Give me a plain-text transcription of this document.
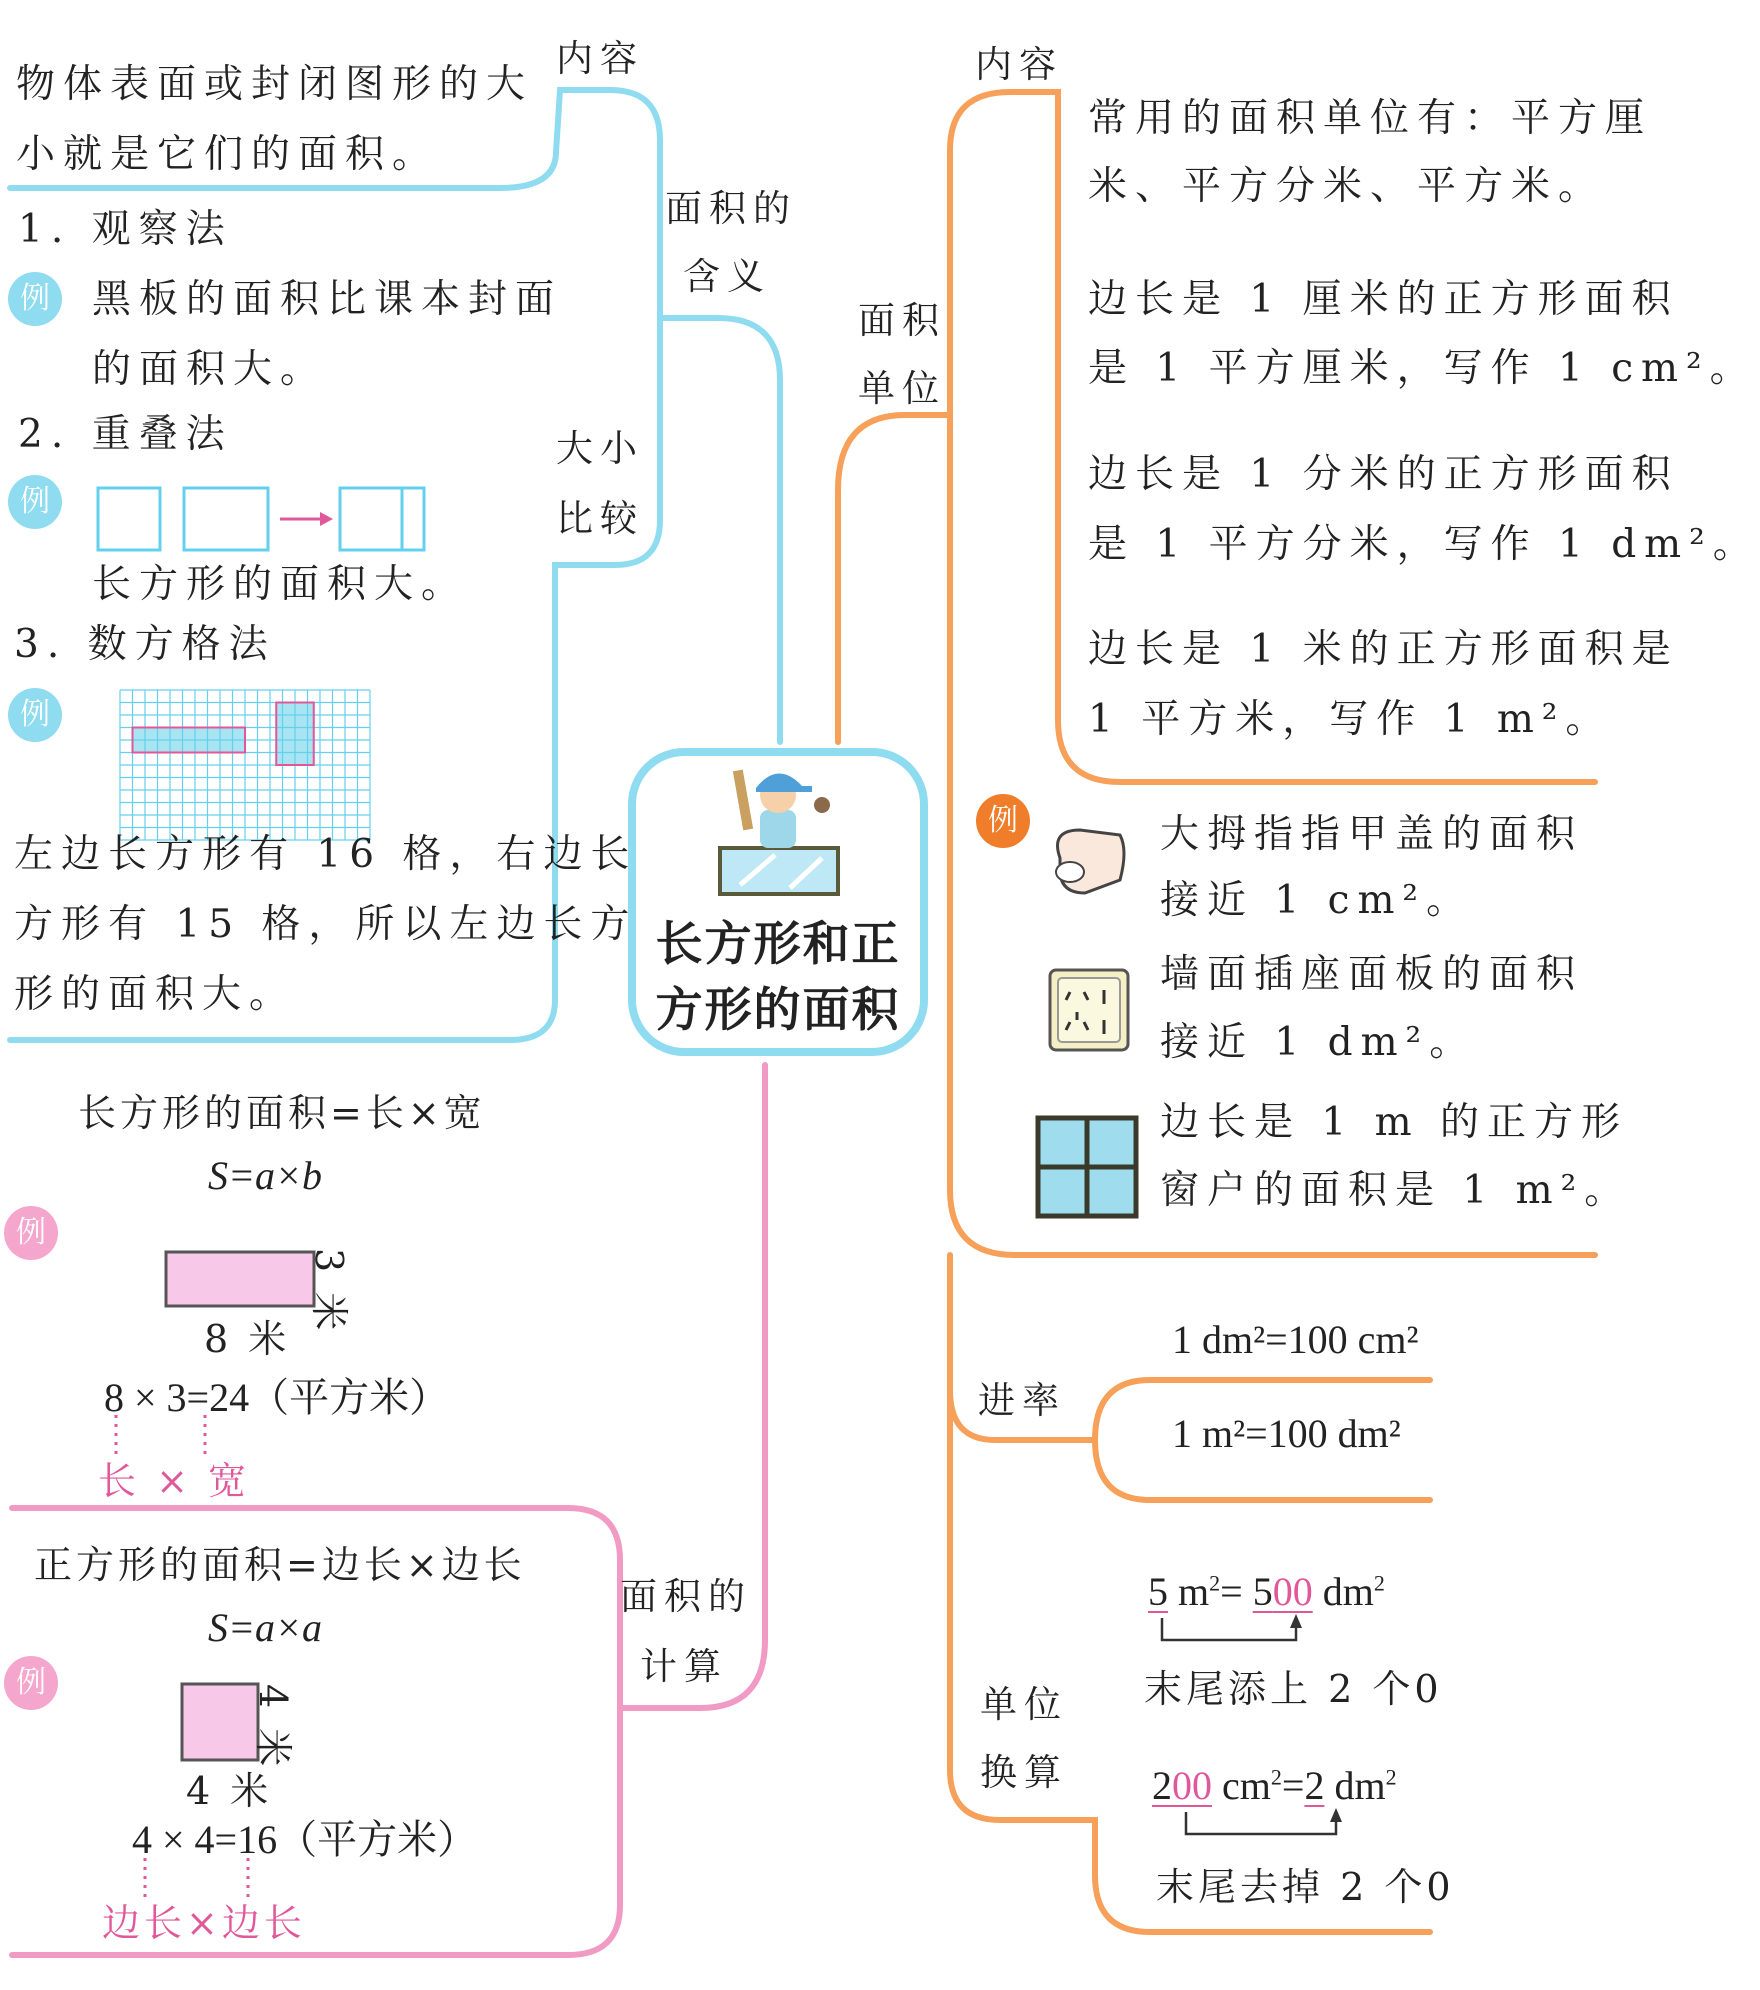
长方形和正
方形的面积
内容
面积的
含义
物体表面或封闭图形的大
小就是它们的面积。
大小
比较
1. 观察法
例	黑板的面积比课本封面
的面积大。
2. 重叠法
例
长方形的面积大。
3. 数方格法
例
左边长方形有 16 格，右边长
方形有 15 格，所以左边长方
形的面积大。
内容
面积
单位
常用的面积单位有：平方厘
米、平方分米、平方米。
边长是 1 厘米的正方形面积
是 1 平方厘米，写作 1 cm²。
边长是 1 分米的正方形面积
是 1 平方分米，写作 1 dm²。
边长是 1 米的正方形面积是
1 平方米，写作 1 m²。
例	大拇指指甲盖的面积
接近 1 cm²。
墙面插座面板的面积
接近 1 dm²。
边长是 1 m 的正方形
窗户的面积是 1 m²。
进率
1 dm²=100 cm²
1 m²=100 dm²
单位
换算
5 $m^2= 500$ $dm^2$
末尾添上 2 个0
200 $cm^2=2$ $dm^2$
末尾去掉 2 个0
面积的
计算
长方形的面积=长×宽
S=a×b
例
8 米
3 米
8 × 3=24（平方米）
长 × 宽
正方形的面积=边长×边长
S=a×a
例
4 米
4 米
4 × 4=16（平方米）
边长×边长
